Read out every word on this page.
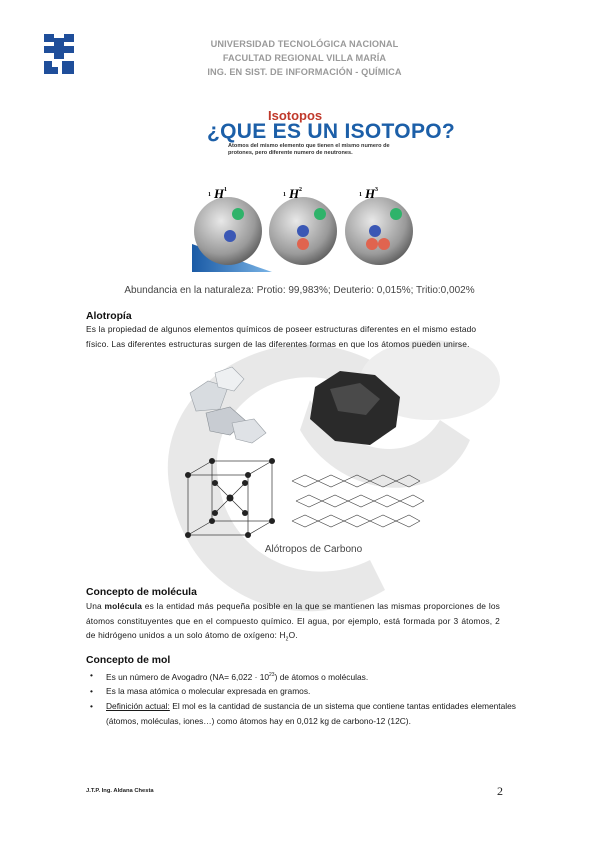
UNIVERSIDAD TECNOLÓGICA NACIONAL
FACULTAD REGIONAL VILLA MARÍA
ING. EN SIST. DE INFORMACIÓN - QUÍMICA
Isotopos
¿QUE ES UN ISOTOPO?
Atomos del mismo elemento que tienen el mismo numero de protones, pero diferente numero de neutrones.
1 H 1
1 H 2
1 H 3
Abundancia en la naturaleza: Protio: 99,983%; Deuterio: 0,015%; Tritio:0,002%
Alotropía
Es la propiedad de algunos elementos químicos de poseer estructuras diferentes en el mismo estado físico. Las diferentes estructuras surgen de las diferentes formas en que los átomos pueden unirse.
Alótropos de Carbono
Concepto de molécula
Una molécula es la entidad más pequeña posible en la que se mantienen las mismas proporciones de los átomos constituyentes que en el compuesto químico. El agua, por ejemplo, está formada por 3 átomos, 2 de hidrógeno unidos a un solo átomo de oxígeno: $H_2O$.
Concepto de mol
• Es un número de Avogadro $(NA= 6,022 \cdot 10^{23})$ de átomos o moléculas.
• Es la masa atómica o molecular expresada en gramos.
• Definición actual: El mol es la cantidad de sustancia de un sistema que contiene tantas entidades elementales (átomos, moléculas, iones…) como átomos hay en 0,012 kg de carbono-12 (12C).
J.T.P. Ing. Aldana Chesta	2
